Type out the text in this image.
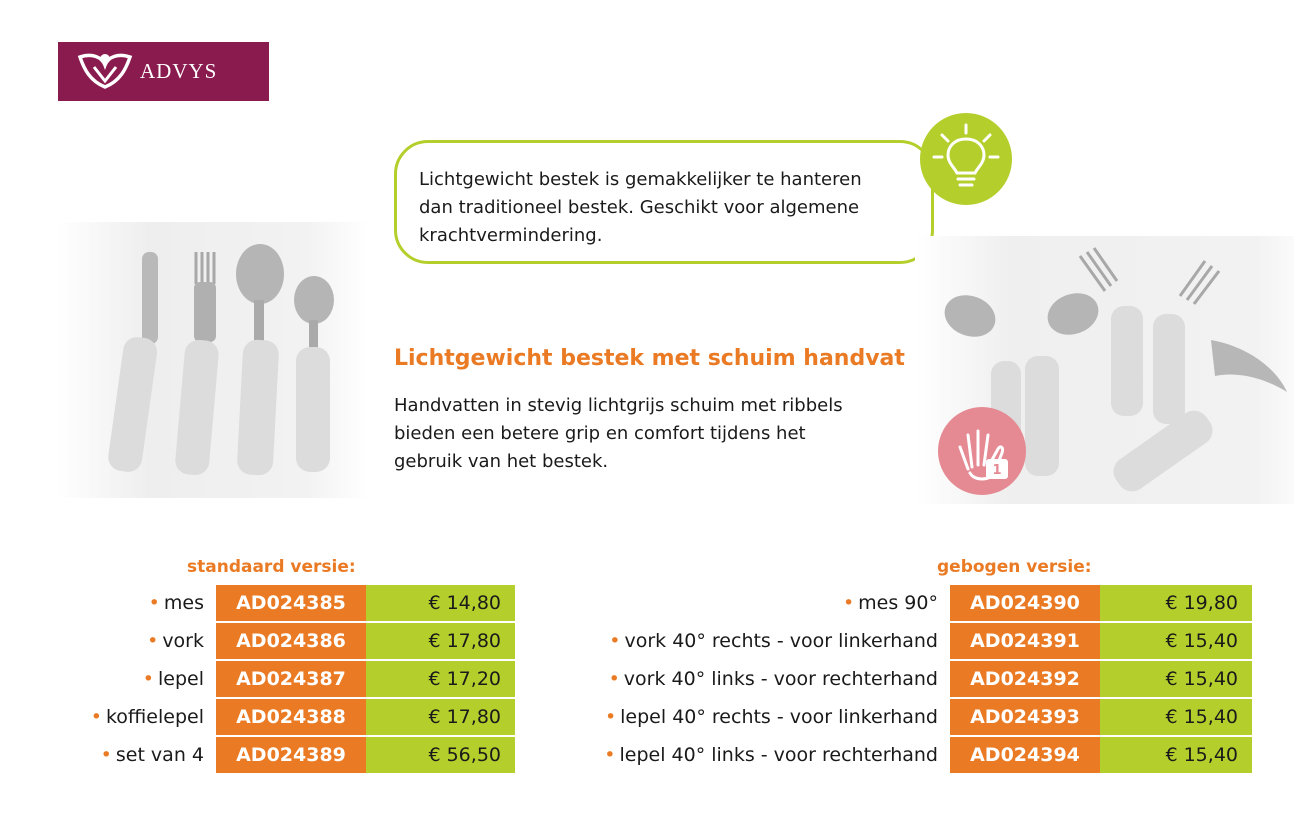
ADVYS
Lichtgewicht bestek is gemakkelijker te hanteren
dan traditioneel bestek. Geschikt voor algemene
krachtvermindering.
1
Lichtgewicht bestek met schuim handvat
Handvatten in stevig lichtgrijs schuim met ribbels
bieden een betere grip en comfort tijdens het
gebruik van het bestek.
standaard versie:
• mes	AD024385	€ 14,80
• vork	AD024386	€ 17,80
• lepel	AD024387	€ 17,20
• koffielepel	AD024388	€ 17,80
• set van 4	AD024389	€ 56,50
gebogen versie:
• mes 90°	AD024390	€ 19,80
• vork 40° rechts - voor linkerhand	AD024391	€ 15,40
• vork 40° links - voor rechterhand	AD024392	€ 15,40
• lepel 40° rechts - voor linkerhand	AD024393	€ 15,40
• lepel 40° links - voor rechterhand	AD024394	€ 15,40
